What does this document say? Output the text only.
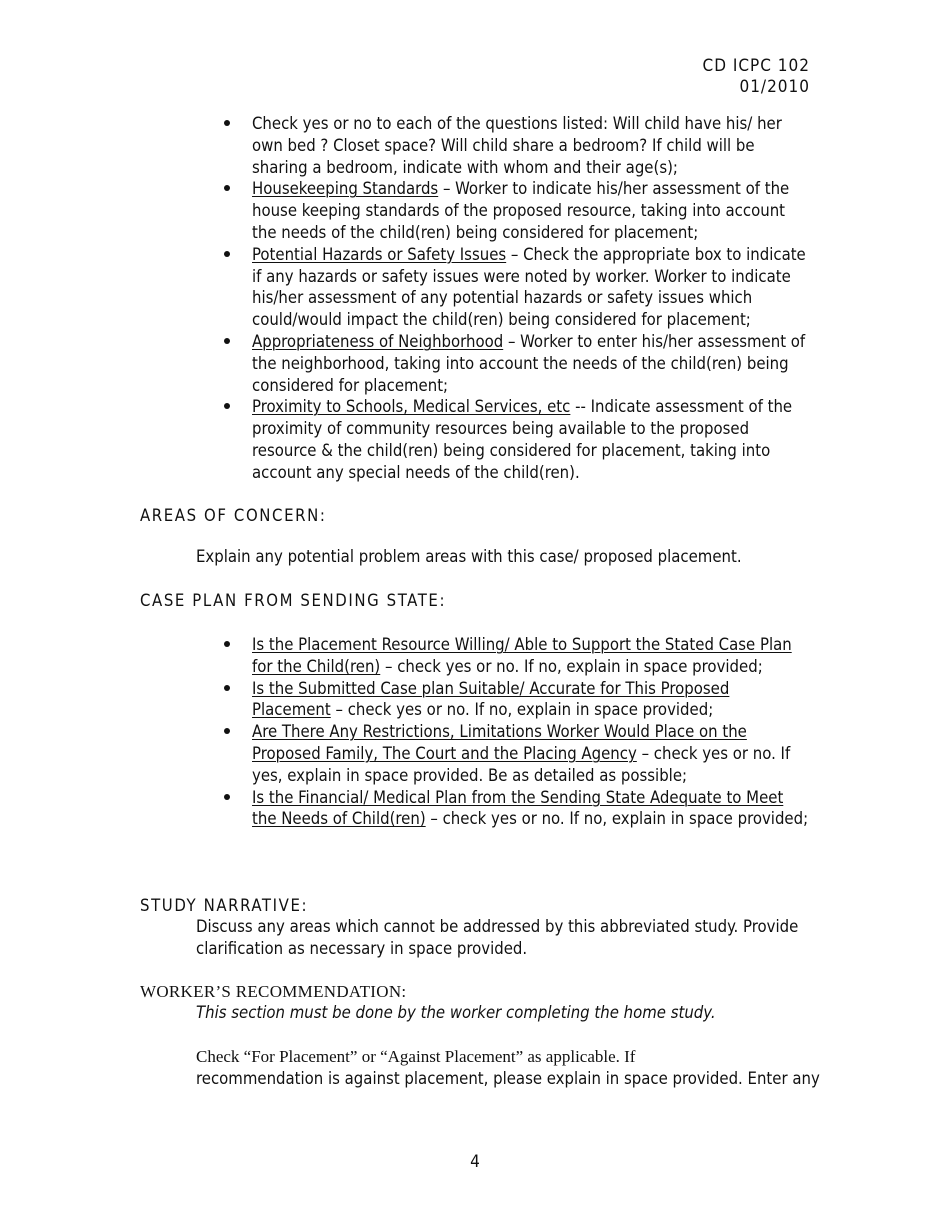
CD ICPC 102
01/2010
Check yes or no to each of the questions listed: Will child have his/ her own bed ? Closet space? Will child share a bedroom? If child will be sharing a bedroom, indicate with whom and their age(s);
Housekeeping Standards – Worker to indicate his/her assessment of the house keeping standards of the proposed resource, taking into account the needs of the child(ren) being considered for placement;
Potential Hazards or Safety Issues – Check the appropriate box to indicate if any hazards or safety issues were noted by worker. Worker to indicate his/her assessment of any potential hazards or safety issues which could/would impact the child(ren) being considered for placement;
Appropriateness of Neighborhood – Worker to enter his/her assessment of the neighborhood, taking into account the needs of the child(ren) being considered for placement;
Proximity to Schools, Medical Services, etc -- Indicate assessment of the proximity of community resources being available to the proposed resource & the child(ren) being considered for placement, taking into account any special needs of the child(ren).
AREAS OF CONCERN:
Explain any potential problem areas with this case/ proposed placement.
CASE PLAN FROM SENDING STATE:
Is the Placement Resource Willing/ Able to Support the Stated Case Plan for the Child(ren) – check yes or no. If no, explain in space provided;
Is the Submitted Case plan Suitable/ Accurate for This Proposed Placement – check yes or no. If no, explain in space provided;
Are There Any Restrictions, Limitations Worker Would Place on the Proposed Family, The Court and the Placing Agency – check yes or no. If yes, explain in space provided. Be as detailed as possible;
Is the Financial/ Medical Plan from the Sending State Adequate to Meet the Needs of Child(ren) – check yes or no. If no, explain in space provided;
STUDY NARRATIVE:
Discuss any areas which cannot be addressed by this abbreviated study. Provide clarification as necessary in space provided.
WORKER’S RECOMMENDATION:
This section must be done by the worker completing the home study.
Check “For Placement” or “Against Placement” as applicable. If
recommendation is against placement, please explain in space provided. Enter any
4
